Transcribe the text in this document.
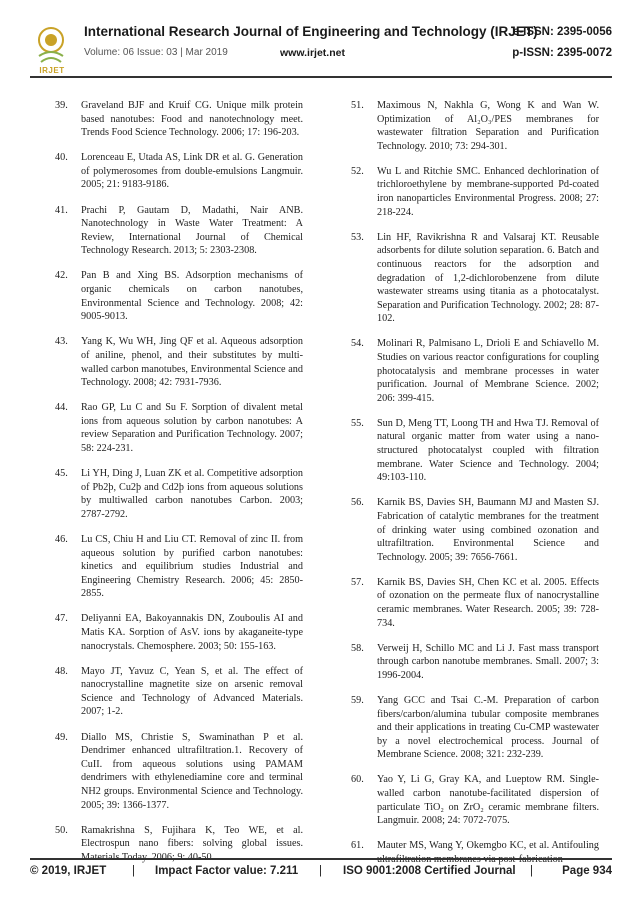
IRJET
International Research Journal of Engineering and Technology (IRJET)
e-ISSN: 2395-0056
Volume: 06 Issue: 03 | Mar 2019	www.irjet.net	p-ISSN: 2395-0072
39. Graveland BJF and Kruif CG. Unique milk protein based nanotubes: Food and nanotechnology meet. Trends Food Science Technology. 2006; 17: 196-203.
40. Lorenceau E, Utada AS, Link DR et al. G. Generation of polymerosomes from double-emulsions Langmuir. 2005; 21: 9183-9186.
41. Prachi P, Gautam D, Madathi, Nair ANB. Nanotechnology in Waste Water Treatment: A Review, International Journal of Chemical Technology Research. 2013; 5: 2303-2308.
42. Pan B and Xing BS. Adsorption mechanisms of organic chemicals on carbon nanotubes, Environmental Science and Technology. 2008; 42: 9005-9013.
43. Yang K, Wu WH, Jing QF et al. Aqueous adsorption of aniline, phenol, and their substitutes by multi-walled carbon manotubes, Environmental Science and Technology. 2008; 42: 7931-7936.
44. Rao GP, Lu C and Su F. Sorption of divalent metal ions from aqueous solution by carbon nanotubes: A review Separation and Purification Technology. 2007; 58: 224-231.
45. Li YH, Ding J, Luan ZK et al. Competitive adsorption of Pb2þ, Cu2þ and Cd2þ ions from aqueous solutions by multiwalled carbon nanotubes Carbon. 2003; 2787-2792.
46. Lu CS, Chiu H and Liu CT. Removal of zinc II. from aqueous solution by purified carbon nanotubes: kinetics and equilibrium studies Industrial and Engineering Chemistry Research. 2006; 45: 2850-2855.
47. Deliyanni EA, Bakoyannakis DN, Zouboulis AI and Matis KA. Sorption of AsV. ions by akaganeite-type nanocrystals. Chemosphere. 2003; 50: 155-163.
48. Mayo JT, Yavuz C, Yean S, et al. The effect of nanocrystalline magnetite size on arsenic removal Science and Technology of Advanced Materials. 2007; 1-2.
49. Diallo MS, Christie S, Swaminathan P et al. Dendrimer enhanced ultrafiltration.1. Recovery of CuII. from aqueous solutions using PAMAM dendrimers with ethylenediamine core and terminal NH2 groups. Environmental Science and Technology. 2005; 39: 1366-1377.
50. Ramakrishna S, Fujihara K, Teo WE, et al. Electrospun nano fibers: solving global issues.
51. Maximous N, Nakhla G, Wong K and Wan W. Optimization of Al₂O₃/PES membranes for wastewater filtration Separation and Purification Technology. 2010; 73: 294-301.
52. Wu L and Ritchie SMC. Enhanced dechlorination of trichloroethylene by membrane-supported Pd-coated iron nanoparticles Environmental Progress. 2008; 27: 218-224.
53. Lin HF, Ravikrishna R and Valsaraj KT. Reusable adsorbents for dilute solution separation. 6. Batch and continuous reactors for the adsorption and degradation of 1,2-dichlorobenzene from dilute wastewater streams using titania as a photocatalyst. Separation and Purification Technology. 2002; 28: 87-102.
54. Molinari R, Palmisano L, Drioli E and Schiavello M. Studies on various reactor configurations for coupling photocatalysis and membrane processes in water purification. Journal of Membrane Science. 2002; 206: 399-415.
55. Sun D, Meng TT, Loong TH and Hwa TJ. Removal of natural organic matter from water using a nano-structured photocatalyst coupled with filtration membrane. Water Science and Technology. 2004; 49:103-110.
56. Karnik BS, Davies SH, Baumann MJ and Masten SJ. Fabrication of catalytic membranes for the treatment of drinking water using combined ozonation and ultrafiltration. Environmental Science and Technology. 2005; 39: 7656-7661.
57. Karnik BS, Davies SH, Chen KC et al. 2005. Effects of ozonation on the permeate flux of nanocrystalline ceramic membranes. Water Research. 2005; 39: 728-734.
58. Verweij H, Schillo MC and Li J. Fast mass transport through carbon nanotube membranes. Small. 2007; 3: 1996-2004.
59. Yang GCC and Tsai C.-M. Preparation of carbon fibers/carbon/alumina tubular composite membranes and their applications in treating Cu-CMP wastewater by a novel electrochemical process. Journal of Membrane Science. 2008; 321: 232-239.
60. Yao Y, Li G, Gray KA, and Lueptow RM. Single-walled carbon nanotube-facilitated dispersion of particulate TiO₂ on ZrO₂ ceramic membrane filters. Langmuir. 2008; 24: 7072-7075.
61. Mauter MS, Wang Y, Okemgbo KC, et al. Antifouling
© 2019, IRJET | Impact Factor value: 7.211 | ISO 9001:2008 Certified Journal |	Page 934
